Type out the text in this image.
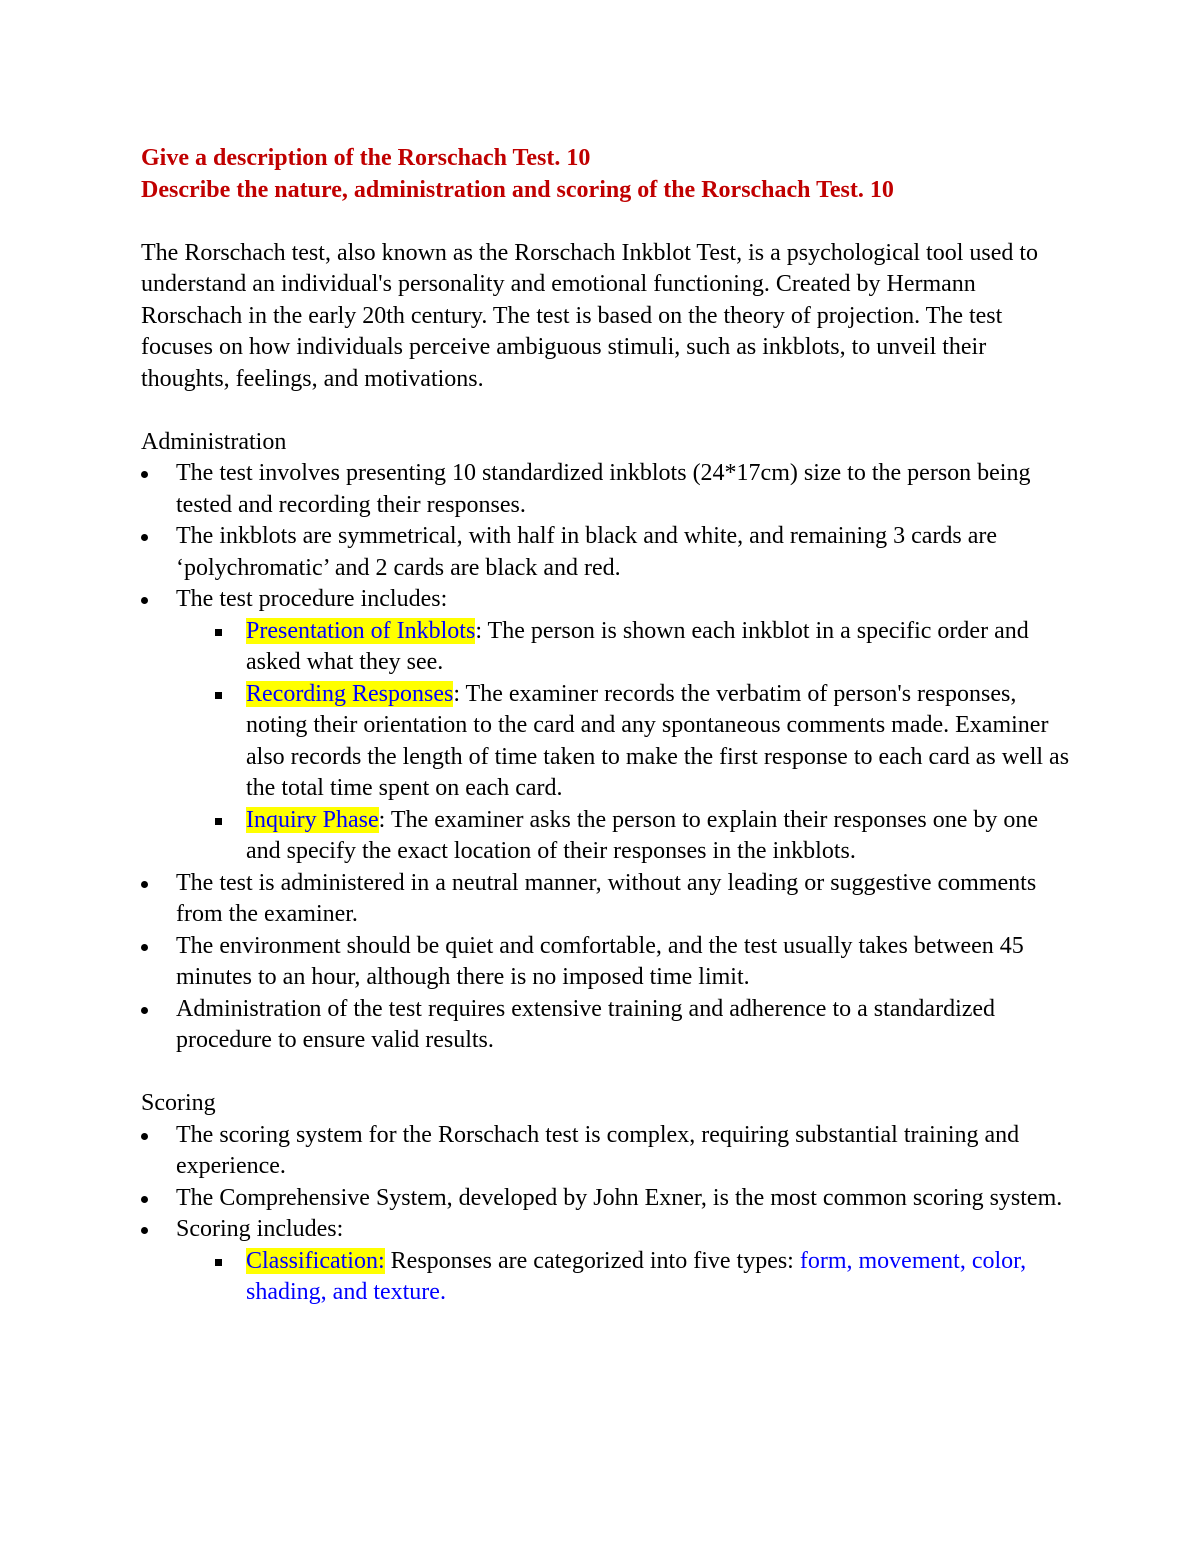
Give a description of the Rorschach Test. 10

Describe the nature, administration and scoring of the Rorschach Test. 10

The Rorschach test, also known as the Rorschach Inkblot Test, is a psychological tool used to understand an individual's personality and emotional functioning. Created by Hermann Rorschach in the early 20th century. The test is based on the theory of projection. The test focuses on how individuals perceive ambiguous stimuli, such as inkblots, to unveil their thoughts, feelings, and motivations.

Administration

The test involves presenting 10 standardized inkblots (24*17cm) size to the person being tested and recording their responses.
The inkblots are symmetrical, with half in black and white, and remaining 3 cards are ‘polychromatic’ and 2 cards are black and red.
The test procedure includes:
Presentation of Inkblots: The person is shown each inkblot in a specific order and asked what they see.
Recording Responses: The examiner records the verbatim of person's responses, noting their orientation to the card and any spontaneous comments made. Examiner also records the length of time taken to make the first response to each card as well as the total time spent on each card.
Inquiry Phase: The examiner asks the person to explain their responses one by one and specify the exact location of their responses in the inkblots.
The test is administered in a neutral manner, without any leading or suggestive comments from the examiner.
The environment should be quiet and comfortable, and the test usually takes between 45 minutes to an hour, although there is no imposed time limit.
Administration of the test requires extensive training and adherence to a standardized procedure to ensure valid results.

Scoring

The scoring system for the Rorschach test is complex, requiring substantial training and experience.
The Comprehensive System, developed by John Exner, is the most common scoring system.
Scoring includes:
Classification: Responses are categorized into five types: form, movement, color, shading, and texture.
